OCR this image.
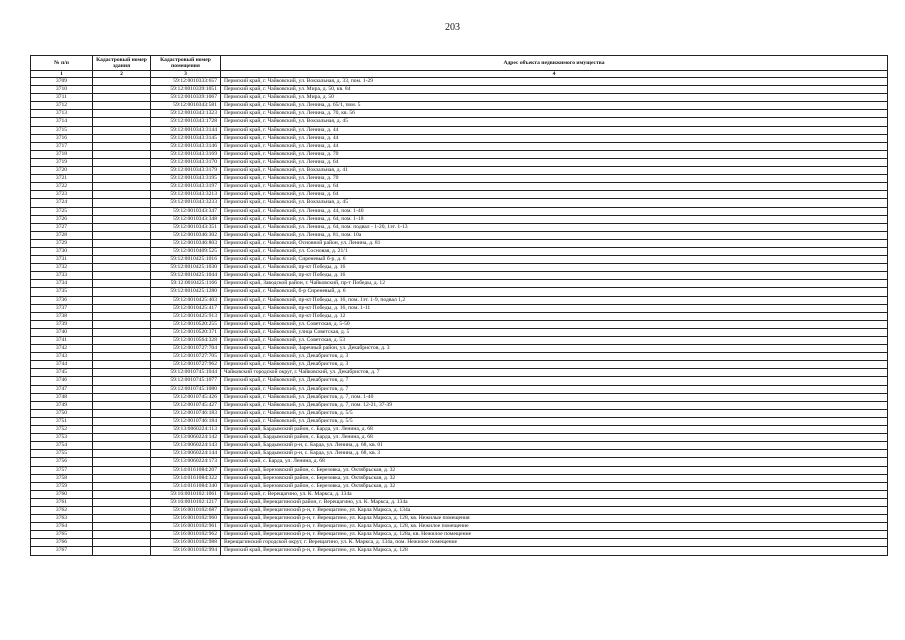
203
№ п/п	Кадастровый номер здания	Кадастровый номер помещения	Адрес объекта недвижимого имущества
1	2	3	4
3709		59:12:0010333:657	Пермский край, г. Чайковский, ул. Вокзальная, д. 33, пом. 1-29
3710		59:12:0010339:1051	Пермский край, г. Чайковский, ул. Мира, д. 50, кв. 84
3711		59:12:0010339:1067	Пермский край, г. Чайковский, ул. Мира, д. 50
3712		59:12:0010343:581	Пермский край, г. Чайковский, ул. Ленина, д. 65/1, пом. 5
3713		59:12:0010343:1323	Пермский край, г. Чайковский, ул. Ленина, д. 70, кв. 56
3714		59:12:0010343:1728	Пермский край, г. Чайковский, ул. Вокзальная, д. 45
3715		59:12:0010343:3144	Пермский край, г. Чайковский, ул. Ленина, д. 44
3716		59:12:0010343:3145	Пермский край, г. Чайковский, ул. Ленина, д. 44
3717		59:12:0010343:3146	Пермский край, г. Чайковский, ул. Ленина, д. 44
3718		59:12:0010343:3169	Пермский край, г. Чайковский, ул. Ленина, д. 70
3719		59:12:0010343:3170	Пермский край, г. Чайковский, ул. Ленина, д. 64
3720		59:12:0010343:3179	Пермский край, г. Чайковский, ул. Вокзальная, д. 41
3721		59:12:0010343:3195	Пермский край, г. Чайковский, ул. Ленина, д. 70
3722		59:12:0010343:3197	Пермский край, г. Чайковский, ул. Ленина, д. 64
3723		59:12:0010343:3213	Пермский край, г. Чайковский, ул. Ленина, д. 64
3724		59:12:0010343:3233	Пермский край, г. Чайковский, ул. Вокзальная, д. 45
3725		59:12:0010343:347	Пермский край, г. Чайковский, ул. Ленина, д. 44, пом. 1-40
3726		59:12:0010343:348	Пермский край, г. Чайковский, ул. Ленина, д. 64, пом. 1-18
3727		59:12:0010343:351	Пермский край, г. Чайковский, ул. Ленина, д. 64, пом. подвал - 1-20, 1эт. 1-13
3728		59:12:0010346:302	Пермский край, г. Чайковский, ул. Ленина, д. 81, пом. 10а
3729		59:12:0010346:803	Пермский край, г. Чайковский, Основной район, ул. Ленина, д. 81
3730		59:12:0010409:525	Пермский край, г. Чайковский, ул. Сосновая, д. 21/1
3731		59:12:0010425:1016	Пермский край, г. Чайковский, Сиреневый б-р, д. 6
3732		59:12:0010425:1030	Пермский край, г. Чайковский, пр-кт Победы, д. 16
3733		59:12:0010425:1044	Пермский край, г. Чайковский, пр-кт Победы, д. 16
3734		59:12:0010425:1166	Пермский край, Заводской район, г. Чайковский, пр-т Победы, д. 12
3735		59:12:0010425:1280	Пермский край, г. Чайковский, б-р Сиреневый, д. 6
3736		59:12:0010425:403	Пермский край, г. Чайковский, пр-кт Победы, д. 16, пом. 1эт. 1-9, подвал 1,2
3737		59:12:0010425:417	Пермский край, г. Чайковский, пр-кт Победы, д. 16, пом. 1-11
3738		59:12:0010425:913	Пермский край, г. Чайковский, пр-кт Победы, д. 12
3739		59:12:0010520:255	Пермский край, г. Чайковский, ул. Советская, д. 5-50
3740		59:12:0010520:371	Пермский край, г. Чайковский, улица Советская, д. 5
3741		59:12:0010564:328	Пермский край, г. Чайковский, ул. Советская, д. 53
3742		59:12:0010727:704	Пермский край, г. Чайковский, Заречный район, ул. Декабристов, д. 3
3743		59:12:0010727:705	Пермский край, г. Чайковский, ул. Декабристов, д. 3
3744		59:12:0010727:962	Пермский край, г. Чайковский, ул. Декабристов, д. 3
3745		59:12:0010745:1044	Чайковский городской округ, г. Чайковский, ул. Декабристов, д. 7
3746		59:12:0010745:1077	Пермский край, г. Чайковский, ул. Декабристов, д. 7
3747		59:12:0010745:1080	Пермский край, г. Чайковский, ул. Декабристов, д. 7
3748		59:12:0010745:426	Пермский край, г. Чайковский, ул. Декабристов, д. 7, пом. 1-40
3749		59:12:0010745:427	Пермский край, г. Чайковский, ул. Декабристов, д. 7, пом. 12-21, 37-39
3750		59:12:0010746:183	Пермский край, г. Чайковский, ул. Декабристов, д. 5/5
3751		59:12:0010746:184	Пермский край, г. Чайковский, ул. Декабристов, д. 5/5
3752		59:13:0060224:113	Пермский край, Бардымский район, с. Барда, ул. Ленина, д. 68
3753		59:13:0060224:142	Пермский край, Бардымский район, с. Барда, ул. Ленина, д. 68
3754		59:13:0060224:143	Пермский край, Бардымский р-н, с. Барда, ул. Ленина, д. 68, кв. 01
3755		59:13:0060224:144	Пермский край, Бардымский р-н, с. Барда, ул. Ленина, д. 68, кв. 3
3756		59:13:0060224:173	Пермский край, с. Барда, ул. Ленина, д. 68
3757		59:14:0161084:207	Пермский край, Березовский район, с. Березовка, ул. Октябрьская, д. 32
3758		59:14:0161084:322	Пермский край, Березовский район, с. Березовка, ул. Октябрьская, д. 32
3759		59:14:0161084:340	Пермский край, Березовский район, с. Березовка, ул. Октябрьская, д. 32
3760		59:16:0010102:1061	Пермский край, г. Верещагино, ул. К. Маркса, д. 134а
3761		59:16:0010102:1217	Пермский край, Верещагинский район, г. Верещагино, ул. К. Маркса, д. 134а
3762		59:16:0010102:687	Пермский край, Верещагинский р-н, г. Верещагино, ул. Карла Маркса, д. 134а
3763		59:16:0010102:960	Пермский край, Верещагинский р-н, г. Верещагино, ул. Карла Маркса, д. 128, кв. Нежилые помещения
3764		59:16:0010102:961	Пермский край, Верещагинский р-н, г. Верещагино, ул. Карла Маркса, д. 128, кв. Нежилое помещение
3765		59:16:0010102:962	Пермский край, Верещагинский р-н, г. Верещагино, ул. Карла Маркса, д. 128а, кв. Нежилое помещение
3766		59:16:0010102:988	Верещагинский городской округ, г. Верещагино, ул. К. Маркса, д. 134а, пом. Нежилое помещение
3767		59:16:0010102:994	Пермский край, Верещагинский р-н, г. Верещагино, ул. Карла Маркса, д. 128
